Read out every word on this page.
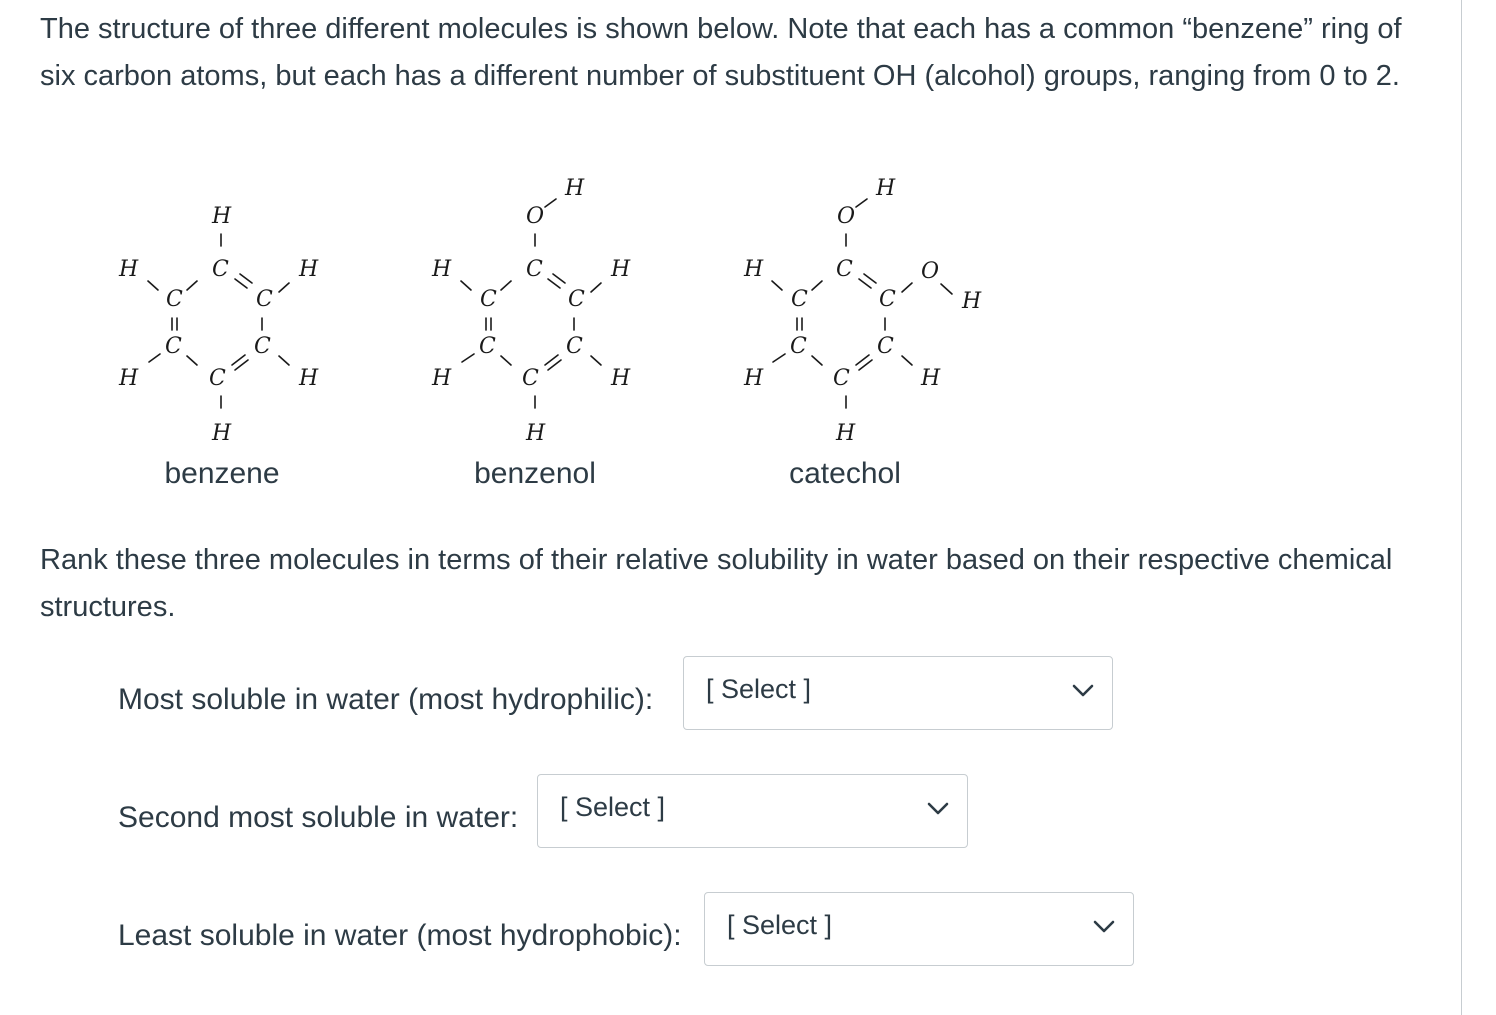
The structure of three different molecules is shown below. Note that each has a common “benzene” ring of six carbon atoms, but each has a different number of substituent OH (alcohol) groups, ranging from 0 to 2.

H
C
H	H
C	C
C	C
H	C	H
H
H
O
C
H	H
C	C
C	C
H	C	H
H
H
O
C
H	O
H
C	C
C	C
H	C	H
H
benzene	benzenol	catechol

Rank these three molecules in terms of their relative solubility in water based on their respective chemical structures.

Most soluble in water (most hydrophilic): [ Select ]
Second most soluble in water: [ Select ]
Least soluble in water (most hydrophobic): [ Select ]
